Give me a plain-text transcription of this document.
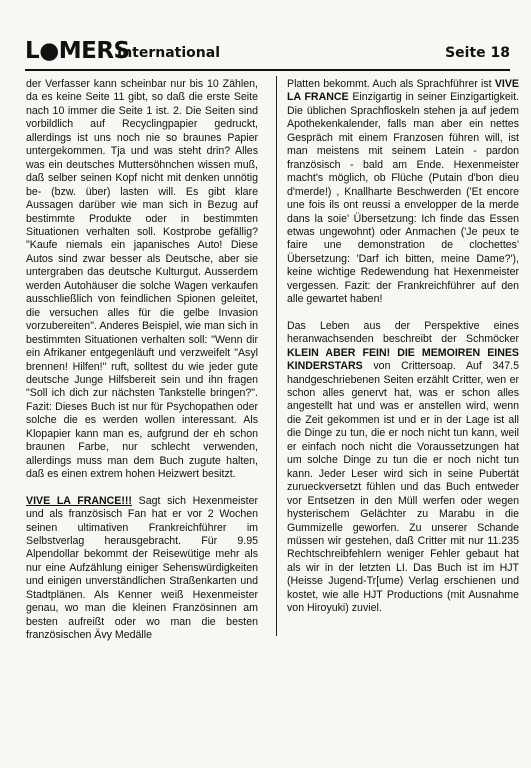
L●MERS
International	Seite 18

der Verfasser kann scheinbar nur bis 10 Zählen, da es keine Seite 11 gibt, so daß die erste Seite nach 10 immer die Seite 1 ist. 2. Die Seiten sind vorbildlich auf Recyclingpapier gedruckt, allerdings ist uns noch nie so braunes Papier untergekommen. Tja und was steht drin? Alles was ein deutsches Muttersöhnchen wissen muß, daß selber seinen Kopf nicht mit denken unnötig be- (bzw. über) lasten will. Es gibt klare Aussagen darüber wie man sich in Bezug auf bestimmte Produkte oder in bestimmten Situationen verhalten soll. Kostprobe gefällig? "Kaufe niemals ein japanisches Auto! Diese Autos sind zwar besser als Deutsche, aber sie untergraben das deutsche Kulturgut. Ausserdem werden Autohäuser die solche Wagen verkaufen ausschließlich von feindlichen Spionen geleitet, die versuchen alles für die gelbe Invasion vorzubereiten". Anderes Beispiel, wie man sich in bestimmten Situationen verhalten soll: "Wenn dir ein Afrikaner entgegenläuft und verzweifelt "Asyl brennen! Hilfen!" ruft, solltest du wie jeder gute deutsche Junge Hilfsbereit sein und ihn fragen "Soll ich dich zur nächsten Tankstelle bringen?". Fazit: Dieses Buch ist nur für Psychopathen oder solche die es werden wollen interessant. Als Klopapier kann man es, aufgrund der eh schon braunen Farbe, nur schlecht verwenden, allerdings muss man dem Buch zugute halten, daß es einen extrem hohen Heizwert besitzt.

VIVE LA FRANCE!!! Sagt sich Hexenmeister und als französisch Fan hat er vor 2 Wochen seinen ultimativen Frankreichführer im Selbstverlag herausgebracht. Für 9.95 Alpendollar bekommt der Reisewütige mehr als nur eine Aufzählung einiger Sehenswürdigkeiten und einigen unverständlichen Straßenkarten und Stadtplänen. Als Kenner weiß Hexenmeister genau, wo man die kleinen Französinnen am besten aufreißt oder wo man die besten französischen Ävy Medälle

Platten bekommt. Auch als Sprachführer ist VIVE LA FRANCE Einzigartig in seiner Einzigartigkeit. Die üblichen Sprachfloskeln stehen ja auf jedem Apothekenkalender, falls man aber ein nettes Gespräch mit einem Franzosen führen will, ist man meistens mit seinem Latein - pardon französisch - bald am Ende. Hexenmeister macht's möglich, ob Flüche (Putain d'bon dieu d'merde!) , Knallharte Beschwerden ('Et encore une fois ils ont reussi a envelopper de la merde dans la soie' Übersetzung: Ich finde das Essen etwas ungewohnt) oder Anmachen ('Je peux te faire une demonstration de clochettes' Übersetzung: 'Darf ich bitten, meine Dame?'), keine wichtige Redewendung hat Hexenmeister vergessen. Fazit: der Frankreichführer auf den alle gewartet haben!

Das Leben aus der Perspektive eines heranwachsenden beschreibt der Schmöcker KLEIN ABER FEIN! DIE MEMOIREN EINES KINDERSTARS von Crittersoap. Auf 347.5 handgeschriebenen Seiten erzählt Critter, wen er schon alles genervt hat, was er schon alles angestellt hat und was er anstellen wird, wenn die Zeit gekommen ist und er in der Lage ist all die Dinge zu tun, die er noch nicht tun kann, weil er einfach noch nicht die Voraussetzungen hat um solche Dinge zu tun die er noch nicht tun kann. Jeder Leser wird sich in seine Pubertät zurueckversetzt fühlen und das Buch entweder vor Entsetzen in den Müll werfen oder wegen hysterischem Gelächter zu Marabu in die Gummizelle geworfen. Zu unserer Schande müssen wir gestehen, daß Critter mit nur 11.235 Rechtschreibfehlern weniger Fehler gebaut hat als wir in der letzten LI. Das Buch ist im HJT (Heisse Jugend-Tr[ume) Verlag erschienen und kostet, wie alle HJT Productions (mit Ausnahme von Hiroyuki) zuviel.
